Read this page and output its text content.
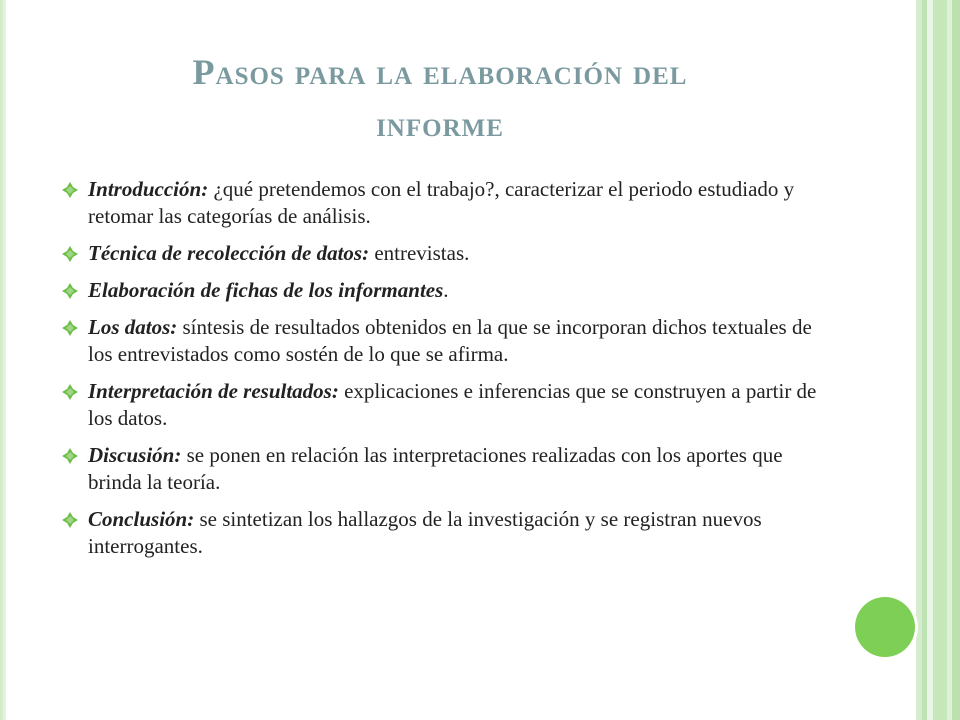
Pasos para la elaboración del
informe
Introducción: ¿qué pretendemos con el trabajo?, caracterizar el periodo estudiado y retomar las categorías de análisis.
Técnica de recolección de datos: entrevistas.
Elaboración de fichas de los informantes.
Los datos: síntesis de resultados obtenidos en la que se incorporan dichos textuales de los entrevistados como sostén de lo que se afirma.
Interpretación de resultados: explicaciones e inferencias que se construyen a partir de los datos.
Discusión: se ponen en relación las interpretaciones realizadas con los aportes que brinda la teoría.
Conclusión: se sintetizan los hallazgos de la investigación y se registran nuevos interrogantes.
